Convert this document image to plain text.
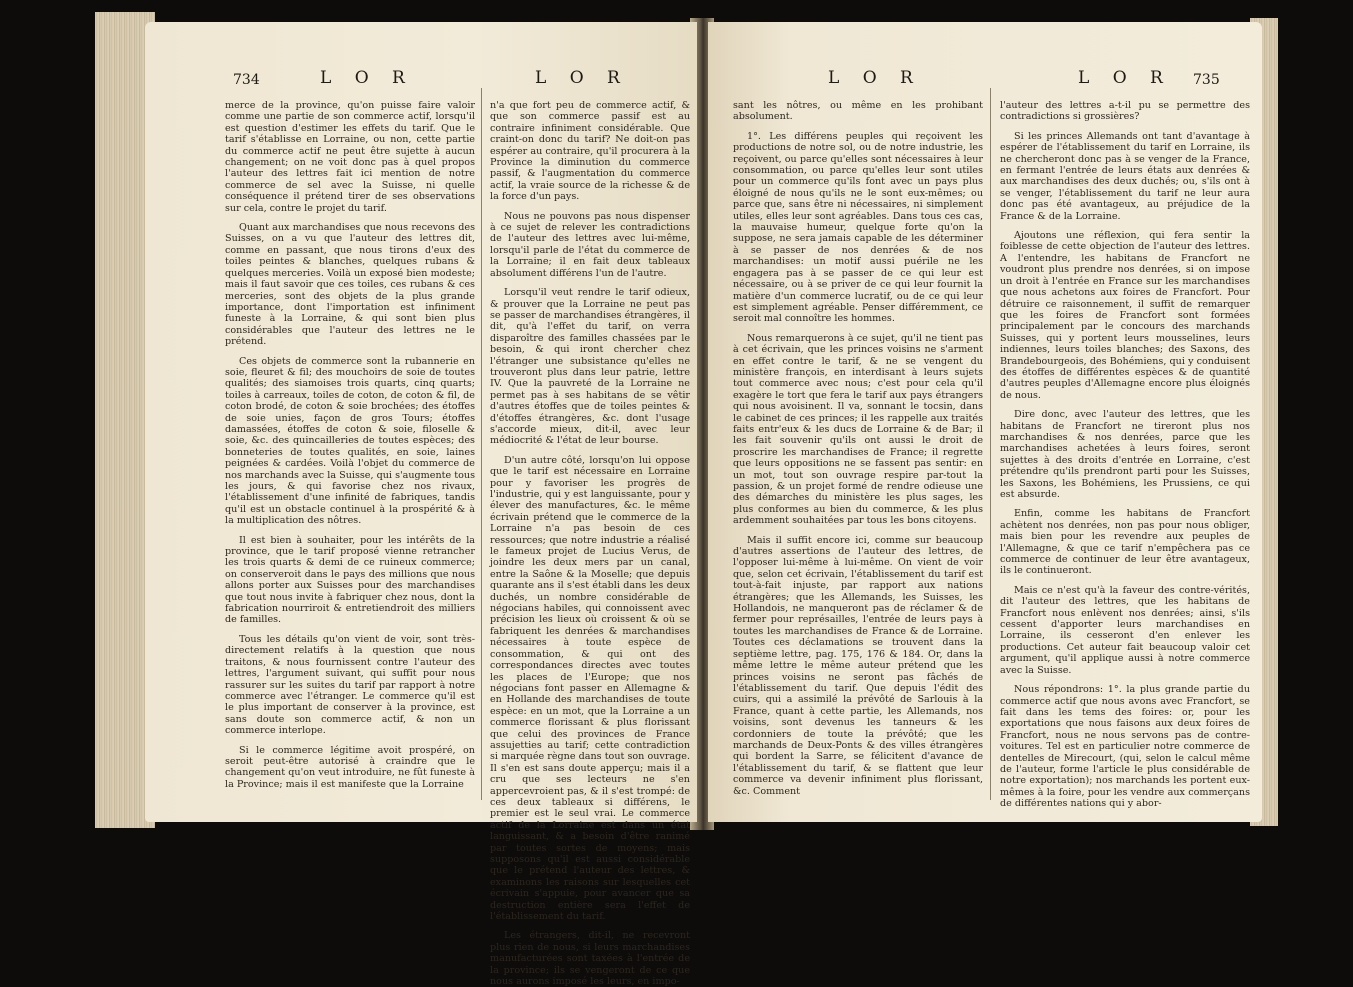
734	L O R	L O R

merce de la province, qu'on puisse faire valoir comme une partie de son commerce actif, lorsqu'il est question d'estimer les effets du tarif. Que le tarif s'établisse en Lorraine, ou non, cette partie du commerce actif ne peut être sujette à aucun changement; on ne voit donc pas à quel propos l'auteur des lettres fait ici mention de notre commerce de sel avec la Suisse, ni quelle conséquence il prétend tirer de ses observations sur cela, contre le projet du tarif.

Quant aux marchandises que nous recevons des Suisses, on a vu que l'auteur des lettres dit, comme en passant, que nous tirons d'eux des toiles peintes & blanches, quelques rubans & quelques merceries. Voilà un exposé bien modeste; mais il faut savoir que ces toiles, ces rubans & ces merceries, sont des objets de la plus grande importance, dont l'importation est infiniment funeste à la Lorraine, & qui sont bien plus considérables que l'auteur des lettres ne le prétend.

Ces objets de commerce sont la rubannerie en soie, fleuret & fil; des mouchoirs de soie de toutes qualités; des siamoises trois quarts, cinq quarts; toiles à carreaux, toiles de coton, de coton & fil, de coton brodé, de coton & soie brochées; des étoffes de soie unies, façon de gros Tours; étoffes damassées, étoffes de coton & soie, filoselle & soie, &c. des quincailleries de toutes espèces; des bonneteries de toutes qualités, en soie, laines peignées & cardées. Voilà l'objet du commerce de nos marchands avec la Suisse, qui s'augmente tous les jours, & qui favorise chez nos rivaux, l'établissement d'une infinité de fabriques, tandis qu'il est un obstacle continuel à la prospérité & à la multiplication des nôtres.

Il est bien à souhaiter, pour les intérêts de la province, que le tarif proposé vienne retrancher les trois quarts & demi de ce ruineux commerce; on conserveroit dans le pays des millions que nous allons porter aux Suisses pour des marchandises que tout nous invite à fabriquer chez nous, dont la fabrication nourriroit & entretiendroit des milliers de familles.

Tous les détails qu'on vient de voir, sont très-directement relatifs à la question que nous traitons, & nous fournissent contre l'auteur des lettres, l'argument suivant, qui suffit pour nous rassurer sur les suites du tarif par rapport à notre commerce avec l'étranger. Le commerce qu'il est le plus important de conserver à la province, est sans doute son commerce actif, & non un commerce interlope.

Si le commerce légitime avoit prospéré, on seroit peut-être autorisé à craindre que le changement qu'on veut introduire, ne fût funeste à la Province; mais il est manifeste que la Lorraine

n'a que fort peu de commerce actif, & que son commerce passif est au contraire infiniment considérable. Que craint-on donc du tarif? Ne doit-on pas espérer au contraire, qu'il procurera à la Province la diminution du commerce passif, & l'augmentation du commerce actif, la vraie source de la richesse & de la force d'un pays.

Nous ne pouvons pas nous dispenser à ce sujet de relever les contradictions de l'auteur des lettres avec lui-même, lorsqu'il parle de l'état du commerce de la Lorraine; il en fait deux tableaux absolument différens l'un de l'autre.

Lorsqu'il veut rendre le tarif odieux, & prouver que la Lorraine ne peut pas se passer de marchandises étrangères, il dit, qu'à l'effet du tarif, on verra disparoître des familles chassées par le besoin, & qui iront chercher chez l'étranger une subsistance qu'elles ne trouveront plus dans leur patrie, lettre IV. Que la pauvreté de la Lorraine ne permet pas à ses habitans de se vêtir d'autres étoffes que de toiles peintes & d'étoffes étrangères, &c. dont l'usage s'accorde mieux, dit-il, avec leur médiocrité & l'état de leur bourse.

D'un autre côté, lorsqu'on lui oppose que le tarif est nécessaire en Lorraine pour y favoriser les progrès de l'industrie, qui y est languissante, pour y élever des manufactures, &c. le même écrivain prétend que le commerce de la Lorraine n'a pas besoin de ces ressources; que notre industrie a réalisé le fameux projet de Lucius Verus, de joindre les deux mers par un canal, entre la Saône & la Moselle; que depuis quarante ans il s'est établi dans les deux duchés, un nombre considérable de négocians habiles, qui connoissent avec précision les lieux où croissent & où se fabriquent les denrées & marchandises nécessaires à toute espèce de consommation, & qui ont des correspondances directes avec toutes les places de l'Europe; que nos négocians font passer en Allemagne & en Hollande des marchandises de toute espèce: en un mot, que la Lorraine a un commerce florissant & plus florissant que celui des provinces de France assujetties au tarif; cette contradiction si marquée règne dans tout son ouvrage. Il s'en est sans doute apperçu; mais il a cru que ses lecteurs ne s'en appercevroient pas, & il s'est trompé: de ces deux tableaux si différens, le premier est le seul vrai. Le commerce actif de la Lorraine est dans un état languissant, & a besoin d'être ranimé par toutes sortes de moyens; mais supposons qu'il est aussi considérable que le prétend l'auteur des lettres, & examinons les raisons sur lesquelles cet écrivain s'appuie, pour avancer que sa destruction entière sera l'effet de l'établissement du tarif.

Les étrangers, dit-il, ne recevront plus rien de nous, si leurs marchandises manufacturées sont taxées à l'entrée de la province; ils se vengeront de ce que nous aurons imposé les leurs, en impo-

L O R	L O R 735

sant les nôtres, ou même en les prohibant absolument.

1°. Les différens peuples qui reçoivent les productions de notre sol, ou de notre industrie, les reçoivent, ou parce qu'elles sont nécessaires à leur consommation, ou parce qu'elles leur sont utiles pour un commerce qu'ils font avec un pays plus éloigné de nous qu'ils ne le sont eux-mêmes; ou parce que, sans être ni nécessaires, ni simplement utiles, elles leur sont agréables. Dans tous ces cas, la mauvaise humeur, quelque forte qu'on la suppose, ne sera jamais capable de les déterminer à se passer de nos denrées & de nos marchandises: un motif aussi puérile ne les engagera pas à se passer de ce qui leur est nécessaire, ou à se priver de ce qui leur fournit la matière d'un commerce lucratif, ou de ce qui leur est simplement agréable. Penser différemment, ce seroit mal connoître les hommes.

Nous remarquerons à ce sujet, qu'il ne tient pas à cet écrivain, que les princes voisins ne s'arment en effet contre le tarif, & ne se vengent du ministère françois, en interdisant à leurs sujets tout commerce avec nous; c'est pour cela qu'il exagère le tort que fera le tarif aux pays étrangers qui nous avoisinent. Il va, sonnant le tocsin, dans le cabinet de ces princes; il les rappelle aux traités faits entr'eux & les ducs de Lorraine & de Bar; il les fait souvenir qu'ils ont aussi le droit de proscrire les marchandises de France; il regrette que leurs oppositions ne se fassent pas sentir: en un mot, tout son ouvrage respire par-tout la passion, & un projet formé de rendre odieuse une des démarches du ministère les plus sages, les plus conformes au bien du commerce, & les plus ardemment souhaitées par tous les bons citoyens.

Mais il suffit encore ici, comme sur beaucoup d'autres assertions de l'auteur des lettres, de l'opposer lui-même à lui-même. On vient de voir que, selon cet écrivain, l'établissement du tarif est tout-à-fait injuste, par rapport aux nations étrangères; que les Allemands, les Suisses, les Hollandois, ne manqueront pas de réclamer & de fermer pour représailles, l'entrée de leurs pays à toutes les marchandises de France & de Lorraine. Toutes ces déclamations se trouvent dans la septième lettre, pag. 175, 176 & 184. Or, dans la même lettre le même auteur prétend que les princes voisins ne seront pas fâchés de l'établissement du tarif. Que depuis l'édit des cuirs, qui a assimilé la prévôté de Sarlouis à la France, quant à cette partie, les Allemands, nos voisins, sont devenus les tanneurs & les cordonniers de toute la prévôté; que les marchands de Deux-Ponts & des villes étrangères qui bordent la Sarre, se félicitent d'avance de l'établissement du tarif, & se flattent que leur commerce va devenir infiniment plus florissant, &c. Comment

l'auteur des lettres a-t-il pu se permettre des contradictions si grossières?

Si les princes Allemands ont tant d'avantage à espérer de l'établissement du tarif en Lorraine, ils ne chercheront donc pas à se venger de la France, en fermant l'entrée de leurs états aux denrées & aux marchandises des deux duchés; ou, s'ils ont à se venger, l'établissement du tarif ne leur aura donc pas été avantageux, au préjudice de la France & de la Lorraine.

Ajoutons une réflexion, qui fera sentir la foiblesse de cette objection de l'auteur des lettres. A l'entendre, les habitans de Francfort ne voudront plus prendre nos denrées, si on impose un droit à l'entrée en France sur les marchandises que nous achetons aux foires de Francfort. Pour détruire ce raisonnement, il suffit de remarquer que les foires de Francfort sont formées principalement par le concours des marchands Suisses, qui y portent leurs mousselines, leurs indiennes, leurs toiles blanches; des Saxons, des Brandebourgeois, des Bohémiens, qui y conduisent des étoffes de différentes espèces & de quantité d'autres peuples d'Allemagne encore plus éloignés de nous.

Dire donc, avec l'auteur des lettres, que les habitans de Francfort ne tireront plus nos marchandises & nos denrées, parce que les marchandises achetées à leurs foires, seront sujettes à des droits d'entrée en Lorraine, c'est prétendre qu'ils prendront parti pour les Suisses, les Saxons, les Bohémiens, les Prussiens, ce qui est absurde.

Enfin, comme les habitans de Francfort achètent nos denrées, non pas pour nous obliger, mais bien pour les revendre aux peuples de l'Allemagne, & que ce tarif n'empêchera pas ce commerce de continuer de leur être avantageux, ils le continueront.

Mais ce n'est qu'à la faveur des contre-vérités, dit l'auteur des lettres, que les habitans de Francfort nous enlèvent nos denrées; ainsi, s'ils cessent d'apporter leurs marchandises en Lorraine, ils cesseront d'en enlever les productions. Cet auteur fait beaucoup valoir cet argument, qu'il applique aussi à notre commerce avec la Suisse.

Nous répondrons: 1°. la plus grande partie du commerce actif que nous avons avec Francfort, se fait dans les tems des foires: or, pour les exportations que nous faisons aux deux foires de Francfort, nous ne nous servons pas de contre-voitures. Tel est en particulier notre commerce de dentelles de Mirecourt, (qui, selon le calcul même de l'auteur, forme l'article le plus considérable de notre exportation); nos marchands les portent eux-mêmes à la foire, pour les vendre aux commerçans de différentes nations qui y abor-
